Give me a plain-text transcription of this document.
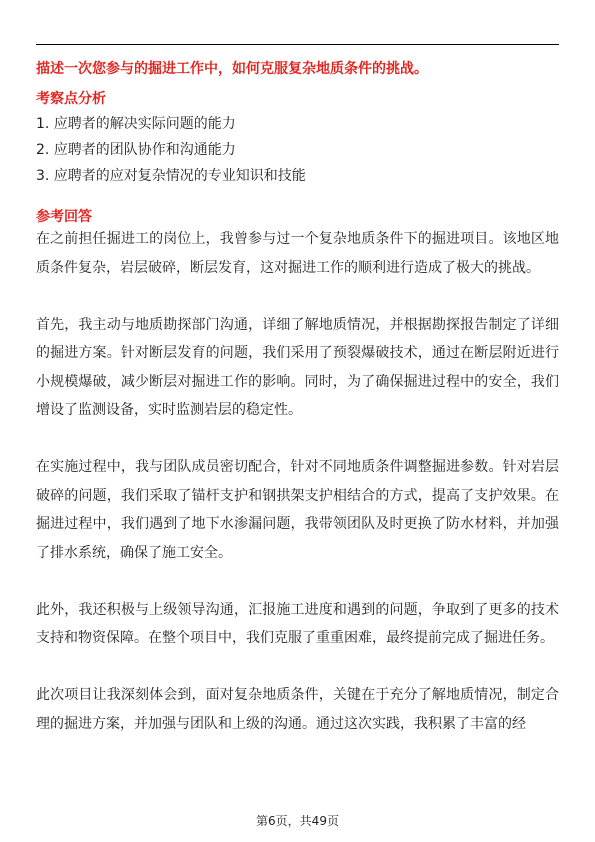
描述一次您参与的掘进工作中，如何克服复杂地质条件的挑战。
考察点分析
1. 应聘者的解决实际问题的能力
2. 应聘者的团队协作和沟通能力
3. 应聘者的应对复杂情况的专业知识和技能
参考回答

在之前担任掘进工的岗位上，我曾参与过一个复杂地质条件下的掘进项目。该地区地质条件复杂，岩层破碎，断层发育，这对掘进工作的顺利进行造成了极大的挑战。

首先，我主动与地质勘探部门沟通，详细了解地质情况，并根据勘探报告制定了详细的掘进方案。针对断层发育的问题，我们采用了预裂爆破技术，通过在断层附近进行小规模爆破，减少断层对掘进工作的影响。同时，为了确保掘进过程中的安全，我们增设了监测设备，实时监测岩层的稳定性。

在实施过程中，我与团队成员密切配合，针对不同地质条件调整掘进参数。针对岩层破碎的问题，我们采取了锚杆支护和钢拱架支护相结合的方式，提高了支护效果。在掘进过程中，我们遇到了地下水渗漏问题，我带领团队及时更换了防水材料，并加强了排水系统，确保了施工安全。

此外，我还积极与上级领导沟通，汇报施工进度和遇到的问题，争取到了更多的技术支持和物资保障。在整个项目中，我们克服了重重困难，最终提前完成了掘进任务。

此次项目让我深刻体会到，面对复杂地质条件，关键在于充分了解地质情况，制定合理的掘进方案，并加强与团队和上级的沟通。通过这次实践，我积累了丰富的经

第6页，共49页
